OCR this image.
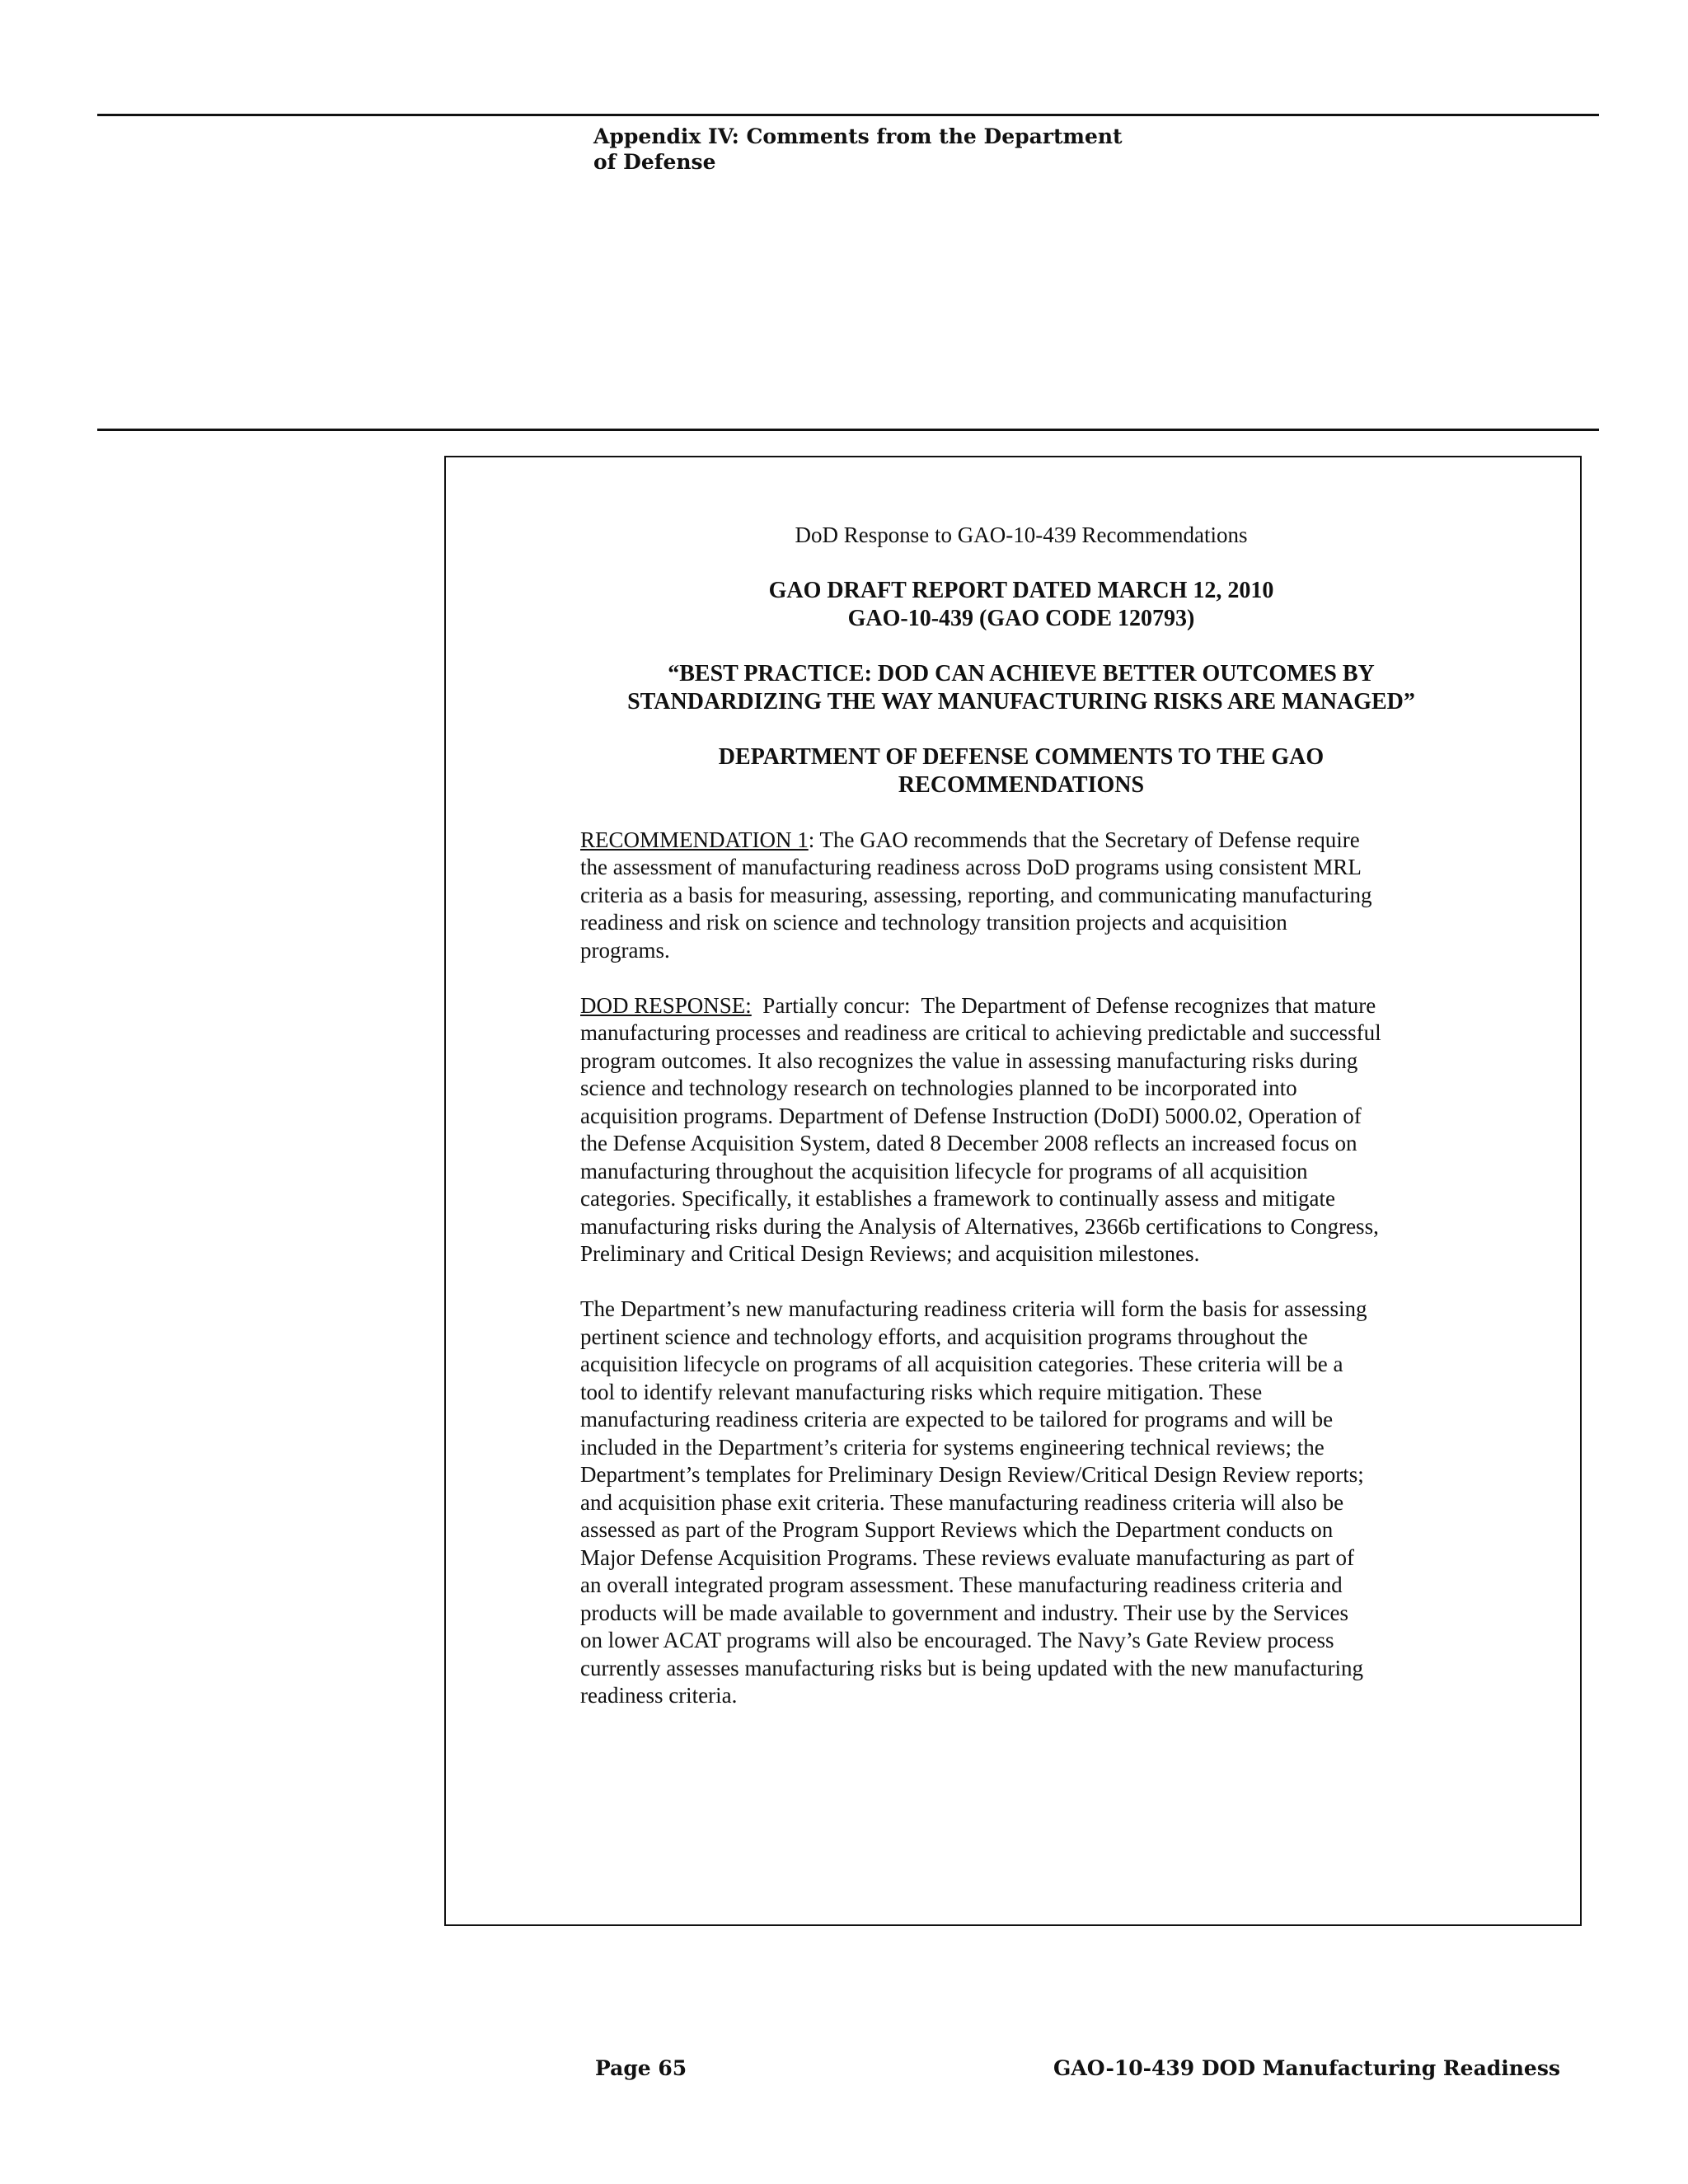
Appendix IV: Comments from the Department
of Defense
DoD Response to GAO-10-439 Recommendations
GAO DRAFT REPORT DATED MARCH 12, 2010
GAO-10-439 (GAO CODE 120793)
“BEST PRACTICE: DOD CAN ACHIEVE BETTER OUTCOMES BY
STANDARDIZING THE WAY MANUFACTURING RISKS ARE MANAGED”
DEPARTMENT OF DEFENSE COMMENTS TO THE GAO
RECOMMENDATIONS
RECOMMENDATION 1: The GAO recommends that the Secretary of Defense require
the assessment of manufacturing readiness across DoD programs using consistent MRL
criteria as a basis for measuring, assessing, reporting, and communicating manufacturing
readiness and risk on science and technology transition projects and acquisition
programs.
DOD RESPONSE:  Partially concur:  The Department of Defense recognizes that mature
manufacturing processes and readiness are critical to achieving predictable and successful
program outcomes. It also recognizes the value in assessing manufacturing risks during
science and technology research on technologies planned to be incorporated into
acquisition programs. Department of Defense Instruction (DoDI) 5000.02, Operation of
the Defense Acquisition System, dated 8 December 2008 reflects an increased focus on
manufacturing throughout the acquisition lifecycle for programs of all acquisition
categories. Specifically, it establishes a framework to continually assess and mitigate
manufacturing risks during the Analysis of Alternatives, 2366b certifications to Congress,
Preliminary and Critical Design Reviews; and acquisition milestones.
The Department’s new manufacturing readiness criteria will form the basis for assessing
pertinent science and technology efforts, and acquisition programs throughout the
acquisition lifecycle on programs of all acquisition categories. These criteria will be a
tool to identify relevant manufacturing risks which require mitigation. These
manufacturing readiness criteria are expected to be tailored for programs and will be
included in the Department’s criteria for systems engineering technical reviews; the
Department’s templates for Preliminary Design Review/Critical Design Review reports;
and acquisition phase exit criteria. These manufacturing readiness criteria will also be
assessed as part of the Program Support Reviews which the Department conducts on
Major Defense Acquisition Programs. These reviews evaluate manufacturing as part of
an overall integrated program assessment. These manufacturing readiness criteria and
products will be made available to government and industry. Their use by the Services
on lower ACAT programs will also be encouraged. The Navy’s Gate Review process
currently assesses manufacturing risks but is being updated with the new manufacturing
readiness criteria.
Page 65	GAO-10-439 DOD Manufacturing Readiness
